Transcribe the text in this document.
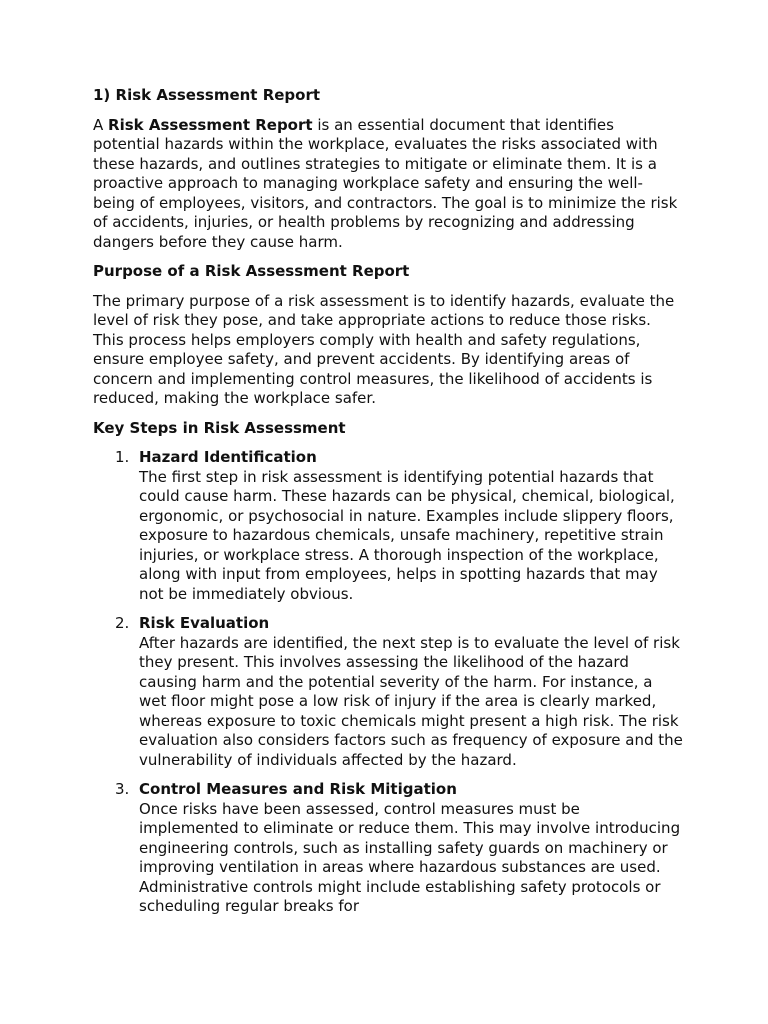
1) Risk Assessment Report

A Risk Assessment Report is an essential document that identifies potential hazards within the workplace, evaluates the risks associated with these hazards, and outlines strategies to mitigate or eliminate them. It is a proactive approach to managing workplace safety and ensuring the well-being of employees, visitors, and contractors. The goal is to minimize the risk of accidents, injuries, or health problems by recognizing and addressing dangers before they cause harm.

Purpose of a Risk Assessment Report

The primary purpose of a risk assessment is to identify hazards, evaluate the level of risk they pose, and take appropriate actions to reduce those risks. This process helps employers comply with health and safety regulations, ensure employee safety, and prevent accidents. By identifying areas of concern and implementing control measures, the likelihood of accidents is reduced, making the workplace safer.

Key Steps in Risk Assessment
1. Hazard Identification
The first step in risk assessment is identifying potential hazards that could cause harm. These hazards can be physical, chemical, biological, ergonomic, or psychosocial in nature. Examples include slippery floors, exposure to hazardous chemicals, unsafe machinery, repetitive strain injuries, or workplace stress. A thorough inspection of the workplace, along with input from employees, helps in spotting hazards that may not be immediately obvious.
2. Risk Evaluation
After hazards are identified, the next step is to evaluate the level of risk they present. This involves assessing the likelihood of the hazard causing harm and the potential severity of the harm. For instance, a wet floor might pose a low risk of injury if the area is clearly marked, whereas exposure to toxic chemicals might present a high risk. The risk evaluation also considers factors such as frequency of exposure and the vulnerability of individuals affected by the hazard.
3. Control Measures and Risk Mitigation
Once risks have been assessed, control measures must be implemented to eliminate or reduce them. This may involve introducing engineering controls, such as installing safety guards on machinery or improving ventilation in areas where hazardous substances are used. Administrative controls might include establishing safety protocols or scheduling regular breaks for
